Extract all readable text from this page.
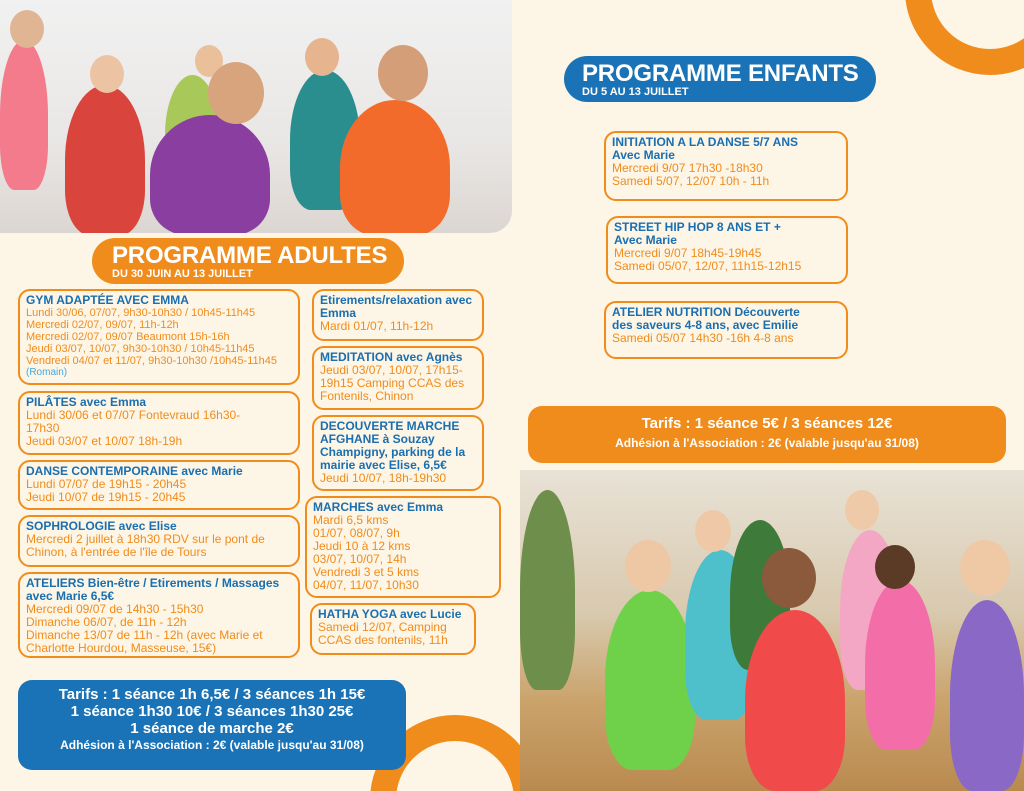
PROGRAMME ADULTES
DU 30 JUIN AU 13 JUILLET
PROGRAMME ENFANTS
DU 5 AU 13 JUILLET
GYM ADAPTÉE AVEC EMMA
Lundi 30/06, 07/07, 9h30-10h30 / 10h45-11h45
Mercredi 02/07, 09/07, 11h-12h
Mercredi 02/07, 09/07 Beaumont 15h-16h
Jeudi 03/07, 10/07, 9h30-10h30 / 10h45-11h45
Vendredi 04/07 et 11/07, 9h30-10h30 /10h45-11h45
(Romain)
PILÂTES avec Emma
Lundi 30/06 et 07/07 Fontevraud 16h30-
17h30
Jeudi 03/07 et 10/07 18h-19h
DANSE CONTEMPORAINE avec Marie
Lundi 07/07 de 19h15 - 20h45
Jeudi 10/07 de 19h15 - 20h45
SOPHROLOGIE avec Elise
Mercredi 2 juillet à 18h30 RDV sur le pont de
Chinon, à l'entrée de l'île de Tours
ATELIERS Bien-être / Etirements / Massages
avec Marie 6,5€
Mercredi 09/07 de 14h30 - 15h30
Dimanche 06/07, de 11h - 12h
Dimanche 13/07 de 11h - 12h (avec Marie et
Charlotte Hourdou, Masseuse, 15€)
Etirements/relaxation avec
Emma
Mardi 01/07, 11h-12h
MEDITATION avec Agnès
Jeudi 03/07, 10/07, 17h15-
19h15 Camping CCAS des
Fontenils, Chinon
DECOUVERTE MARCHE
AFGHANE à Souzay
Champigny, parking de la
mairie avec Elise, 6,5€
Jeudi 10/07, 18h-19h30
MARCHES avec Emma
Mardi 6,5 kms
01/07, 08/07, 9h
Jeudi 10 à 12 kms
03/07, 10/07, 14h
Vendredi 3 et 5 kms
04/07, 11/07, 10h30
HATHA YOGA avec Lucie
Samedi 12/07, Camping
CCAS des fontenils, 11h
Tarifs : 1 séance 1h 6,5€ / 3 séances 1h 15€
1 séance 1h30 10€ / 3 séances 1h30 25€
1 séance de marche 2€
Adhésion à l'Association : 2€ (valable jusqu'au 31/08)
INITIATION A LA DANSE 5/7 ANS
Avec Marie
Mercredi 9/07 17h30 -18h30
Samedi 5/07, 12/07 10h - 11h
STREET HIP HOP 8 ANS ET +
Avec Marie
Mercredi 9/07 18h45-19h45
Samedi 05/07, 12/07, 11h15-12h15
ATELIER NUTRITION Découverte
des saveurs 4-8 ans, avec Emilie
Samedi 05/07 14h30 -16h 4-8 ans
Tarifs : 1 séance 5€ / 3 séances 12€
Adhésion à l'Association : 2€ (valable jusqu'au 31/08)
